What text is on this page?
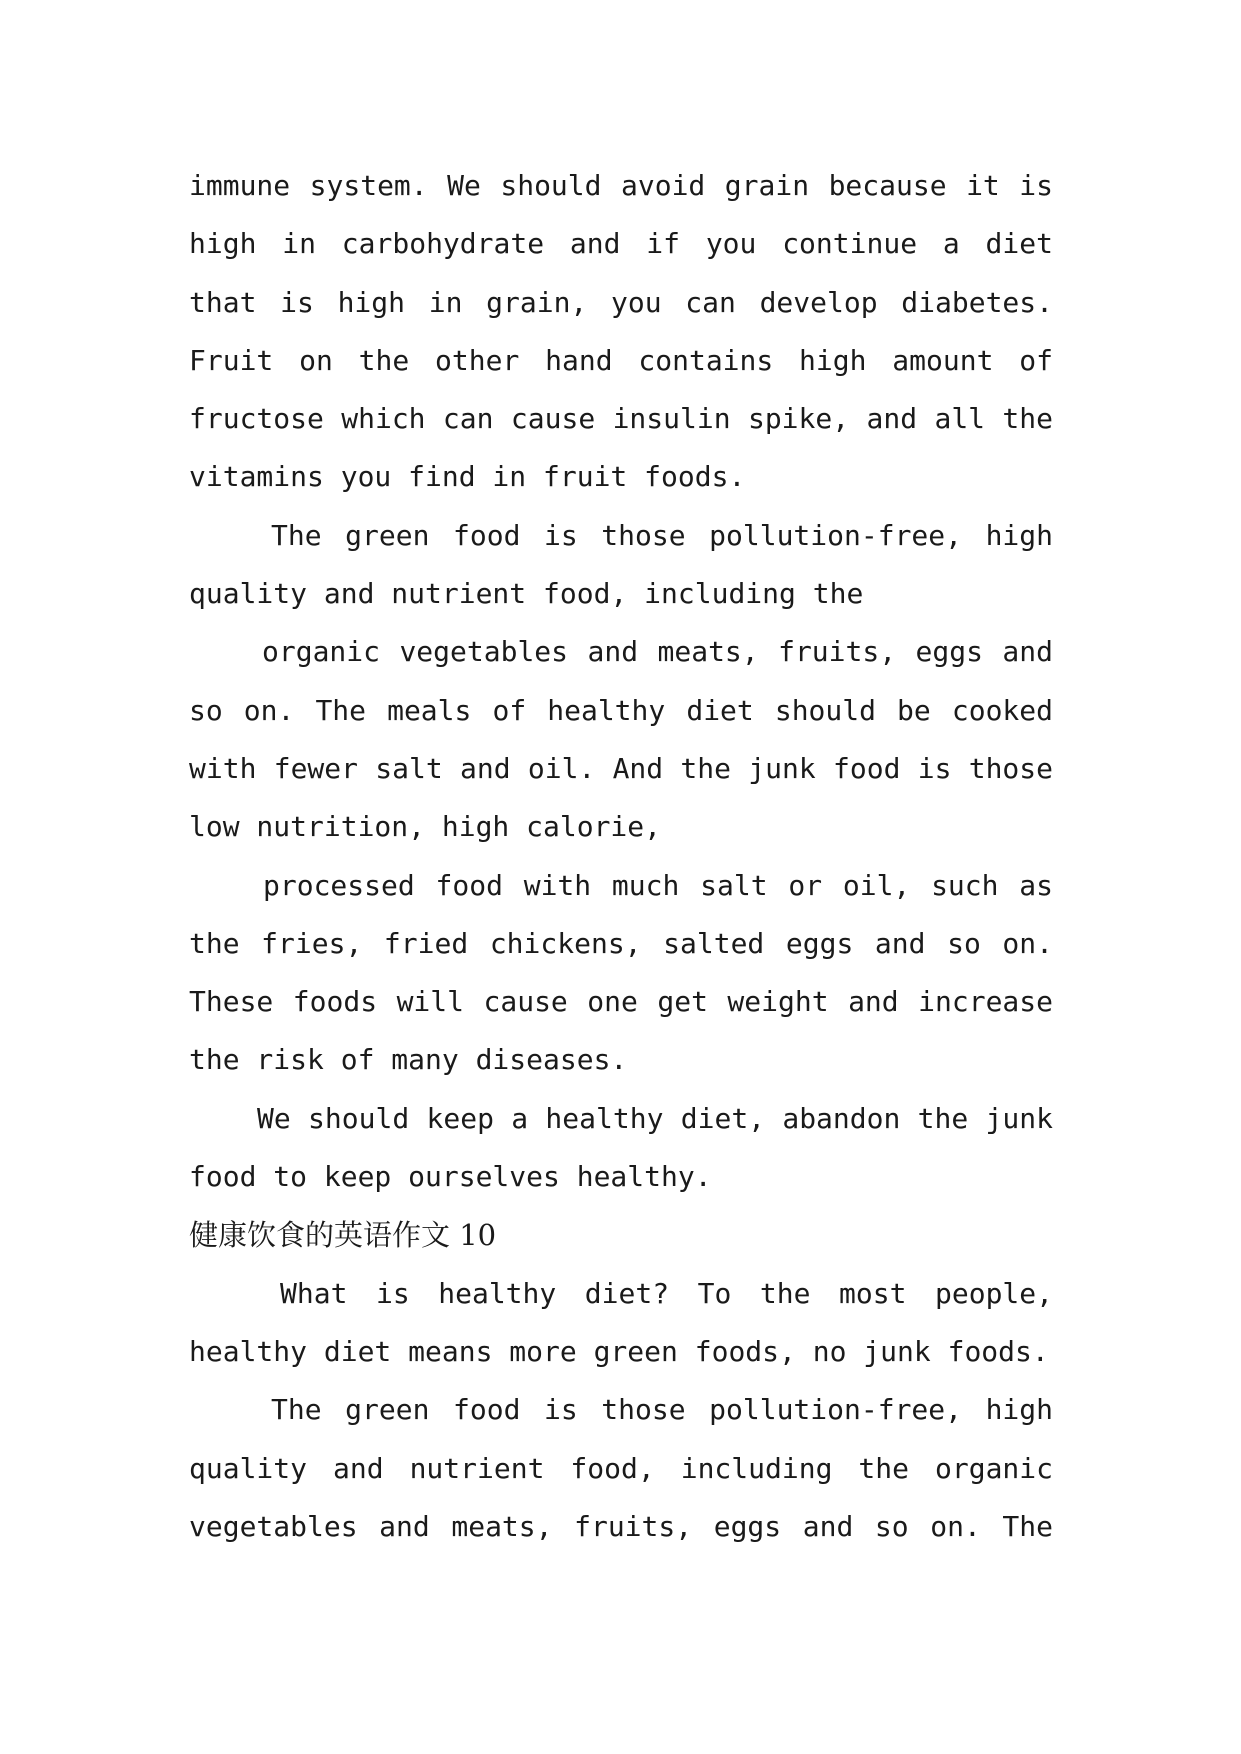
immune system. We should avoid grain because it is
high in carbohydrate and if you continue a diet
that is high in grain, you can develop diabetes.
Fruit on the other hand contains high amount of
fructose which can cause insulin spike, and all the
vitamins you find in fruit foods.
The green food is those pollution-free, high
quality and nutrient food, including the
organic vegetables and meats, fruits, eggs and
so on. The meals of healthy diet should be cooked
with fewer salt and oil. And the junk food is those
low nutrition, high calorie,
processed food with much salt or oil, such as
the fries, fried chickens, salted eggs and so on.
These foods will cause one get weight and increase
the risk of many diseases.
We should keep a healthy diet, abandon the junk
food to keep ourselves healthy.
健康饮食的英语作文 10
What is healthy diet? To the most people,
healthy diet means more green foods, no junk foods.
The green food is those pollution-free, high
quality and nutrient food, including the organic
vegetables and meats, fruits, eggs and so on. The
